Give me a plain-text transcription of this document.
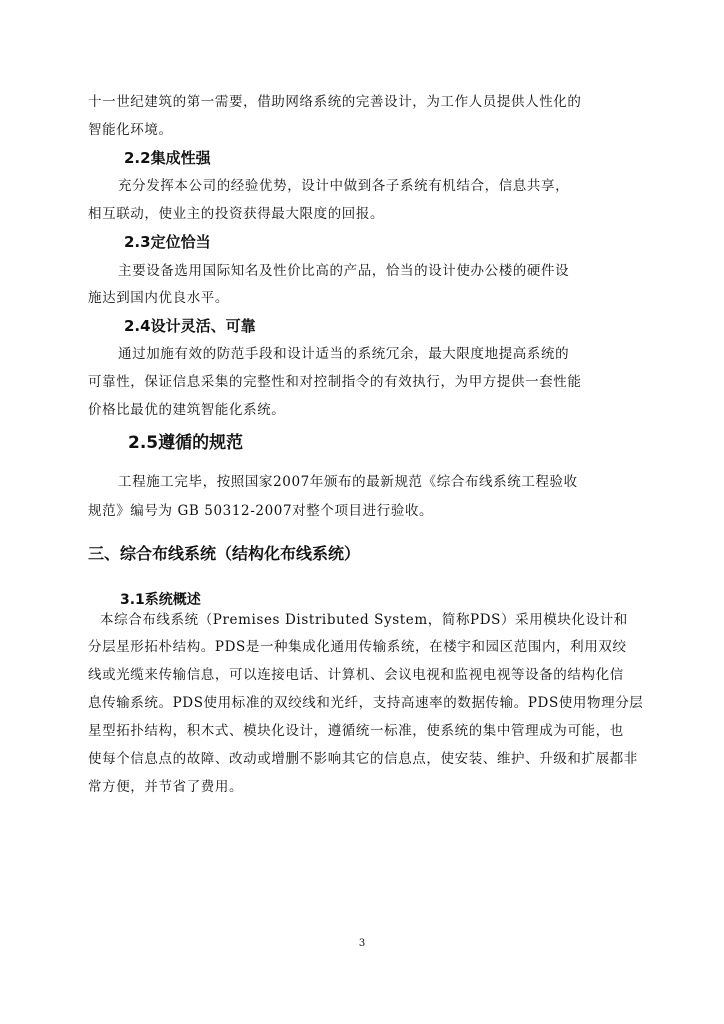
十一世纪建筑的第一需要，借助网络系统的完善设计，为工作人员提供人性化的
智能化环境。
2.2集成性强
充分发挥本公司的经验优势，设计中做到各子系统有机结合，信息共享，
相互联动，使业主的投资获得最大限度的回报。
2.3定位恰当
主要设备选用国际知名及性价比高的产品，恰当的设计使办公楼的硬件设
施达到国内优良水平。
2.4设计灵活、可靠
通过加施有效的防范手段和设计适当的系统冗余，最大限度地提高系统的
可靠性，保证信息采集的完整性和对控制指令的有效执行，为甲方提供一套性能
价格比最优的建筑智能化系统。
2.5遵循的规范
工程施工完毕，按照国家2007年颁布的最新规范《综合布线系统工程验收
规范》编号为 GB 50312-2007对整个项目进行验收。
三、综合布线系统（结构化布线系统）
3.1系统概述
本综合布线系统（Premises Distributed System，简称PDS）采用模块化设计和
分层星形拓朴结构。PDS是一种集成化通用传输系统，在楼宇和园区范围内，利用双绞
线或光缆来传输信息，可以连接电话、计算机、会议电视和监视电视等设备的结构化信
息传输系统。PDS使用标准的双绞线和光纤，支持高速率的数据传输。PDS使用物理分层
星型拓扑结构，积木式、模块化设计，遵循统一标准，使系统的集中管理成为可能，也
使每个信息点的故障、改动或增删不影响其它的信息点，使安装、维护、升级和扩展都非
常方便，并节省了费用。
3
